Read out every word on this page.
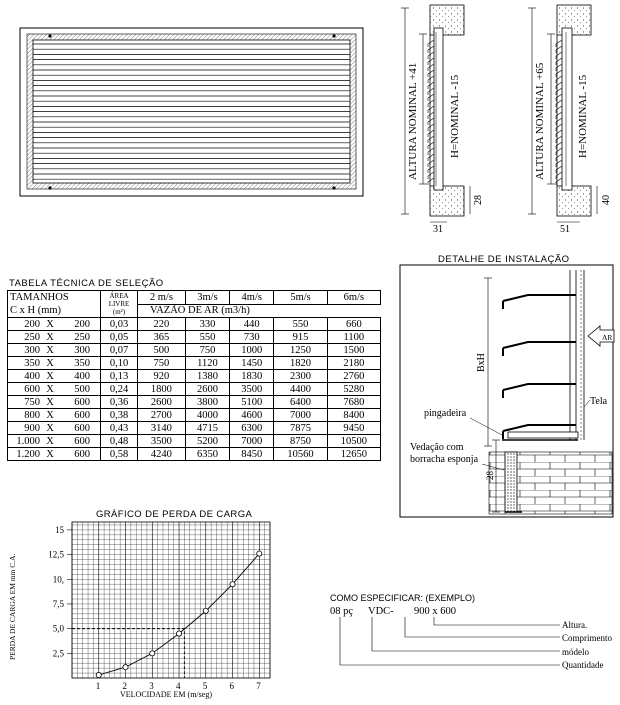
ALTURA NOMINAL +41	H=NOMINAL -15
28
31
ALTURA NOMINAL +65	H=NOMINAL -15
40
51
DETALHE DE INSTALAÇÃO
AR
BxH
Tela
pingadeira
Vedação com
borracha esponja
28
GRÁFICO DE PERDA DE CARGA
1 2 3 4 5 6 7
2,5
5,0
7,5
10,
12,5
15
VELOCIDADE EM (m/seg)
PERDA DE CARGA EM mm C.A.	COMO ESPECIFICAR: (EXEMPLO)
08 pç VDC- 900 x 600
Altura.
Comprimento
módelo
Quantidade
TABELA TÉCNICA DE SELEÇÃO
TAMANHOS	ÁREA
LIVRE
(m²)	2 m/s	3m/s	4m/s	5m/s	6m/s
C x H (mm)		VAZÃO DE AR (m3/h)				
200 X 200	0,03	220	330	440	550	660
250 X 250	0,05	365	550	730	915	1100
300 X 300	0,07	500	750	1000	1250	1500
350 X 350	0,10	750	1120	1450	1820	2180
400 X 400	0,13	920	1380	1830	2300	2760
600 X 500	0,24	1800	2600	3500	4400	5280
750 X 600	0,36	2600	3800	5100	6400	7680
800 X 600	0,38	2700	4000	4600	7000	8400
900 X 600	0,43	3140	4715	6300	7875	9450
1.000 X 600	0,48	3500	5200	7000	8750	10500
1.200 X 600	0,58	4240	6350	8450	10560	12650
